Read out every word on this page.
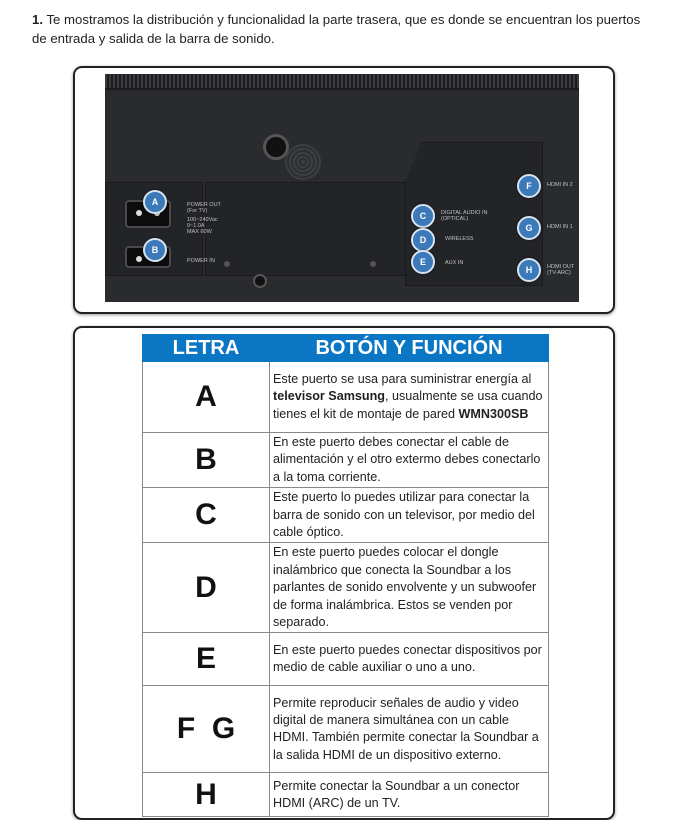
1. Te mostramos la distribución y funcionalidad la parte trasera, que es donde se encuentran los puertos de entrada y salida de la barra de sonido.
POWER OUT
(For TV)
100~240Vac
0~1.0A
MAX 60W
POWER IN
DIGITAL AUDIO IN
(OPTICAL)
WIRELESS
AUX IN
HDMI IN 2
HDMI IN 1
HDMI OUT
(TV-ARC)
A
B
C
D
E
F
G
H
LETRA	BOTÓN Y FUNCIÓN
A	Este puerto se usa para suministrar energía al televisor Samsung, usualmente se usa cuando tienes el kit de montaje de pared WMN300SB
B	En este puerto debes conectar el cable de alimentación y el otro extermo debes conectarlo a la toma corriente.
C	Este puerto lo puedes utilizar para conectar la barra de sonido con un televisor, por medio del cable óptico.
D	En este puerto puedes colocar el dongle inalámbrico que conecta la Soundbar a los parlantes de sonido envolvente y un subwoofer de forma inalámbrica. Estos se venden por separado.
E	En este puerto puedes conectar dispositivos por medio de cable auxiliar o uno a uno.
F  G	Permite reproducir señales de audio y video digital de manera simultánea con un cable HDMI. También permite conectar la Soundbar a la salida HDMI de un dispositivo externo.
H	Permite conectar la Soundbar a un conector HDMI (ARC) de un TV.
